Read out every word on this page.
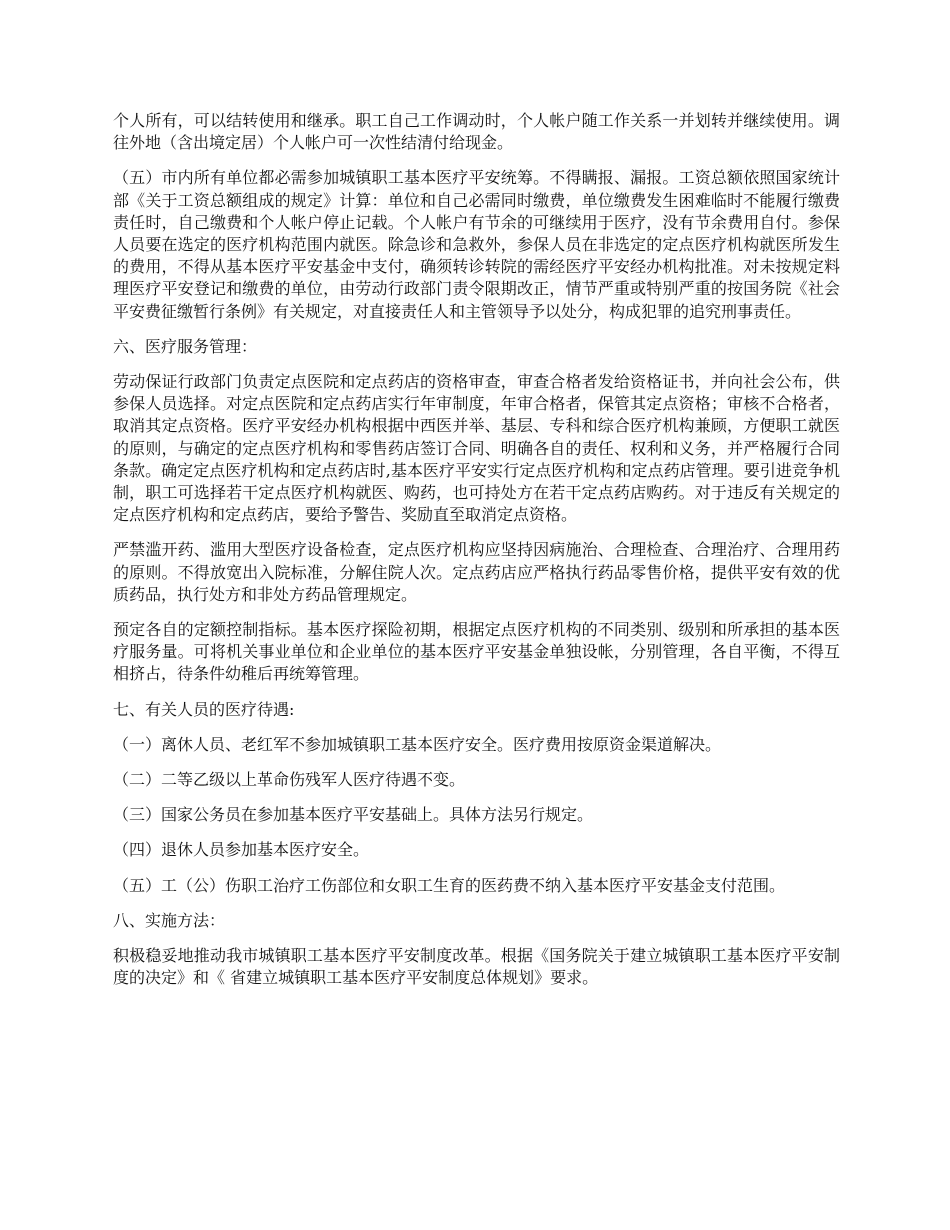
个人所有，可以结转使用和继承。职工自己工作调动时，个人帐户随工作关系一并划转并继续使用。调往外地（含出境定居）个人帐户可一次性结清付给现金。

（五）市内所有单位都必需参加城镇职工基本医疗平安统筹。不得瞒报、漏报。工资总额依照国家统计部《关于工资总额组成的规定》计算：单位和自己必需同时缴费，单位缴费发生困难临时不能履行缴费责任时，自己缴费和个人帐户停止记载。个人帐户有节余的可继续用于医疗，没有节余费用自付。参保人员要在选定的医疗机构范围内就医。除急诊和急救外，参保人员在非选定的定点医疗机构就医所发生的费用，不得从基本医疗平安基金中支付，确须转诊转院的需经医疗平安经办机构批准。对未按规定料理医疗平安登记和缴费的单位，由劳动行政部门责令限期改正，情节严重或特别严重的按国务院《社会平安费征缴暂行条例》有关规定，对直接责任人和主管领导予以处分，构成犯罪的追究刑事责任。

六、医疗服务管理：

劳动保证行政部门负责定点医院和定点药店的资格审查，审查合格者发给资格证书，并向社会公布，供参保人员选择。对定点医院和定点药店实行年审制度，年审合格者，保管其定点资格；审核不合格者，取消其定点资格。医疗平安经办机构根据中西医并举、基层、专科和综合医疗机构兼顾，方便职工就医的原则，与确定的定点医疗机构和零售药店签订合同、明确各自的责任、权利和义务，并严格履行合同条款。确定定点医疗机构和定点药店时,基本医疗平安实行定点医疗机构和定点药店管理。要引进竞争机制，职工可选择若干定点医疗机构就医、购药，也可持处方在若干定点药店购药。对于违反有关规定的定点医疗机构和定点药店，要给予警告、奖励直至取消定点资格。

严禁滥开药、滥用大型医疗设备检查，定点医疗机构应坚持因病施治、合理检查、合理治疗、合理用药的原则。不得放宽出入院标准，分解住院人次。定点药店应严格执行药品零售价格，提供平安有效的优质药品，执行处方和非处方药品管理规定。

预定各自的定额控制指标。基本医疗探险初期，根据定点医疗机构的不同类别、级别和所承担的基本医疗服务量。可将机关事业单位和企业单位的基本医疗平安基金单独设帐，分别管理，各自平衡，不得互相挤占，待条件幼稚后再统筹管理。

七、有关人员的医疗待遇:

（一）离休人员、老红军不参加城镇职工基本医疗安全。医疗费用按原资金渠道解决。

（二）二等乙级以上革命伤残军人医疗待遇不变。

（三）国家公务员在参加基本医疗平安基础上。具体方法另行规定。

（四）退休人员参加基本医疗安全。

（五）工（公）伤职工治疗工伤部位和女职工生育的医药费不纳入基本医疗平安基金支付范围。

八、实施方法：

积极稳妥地推动我市城镇职工基本医疗平安制度改革。根据《国务院关于建立城镇职工基本医疗平安制度的决定》和《 省建立城镇职工基本医疗平安制度总体规划》要求。
